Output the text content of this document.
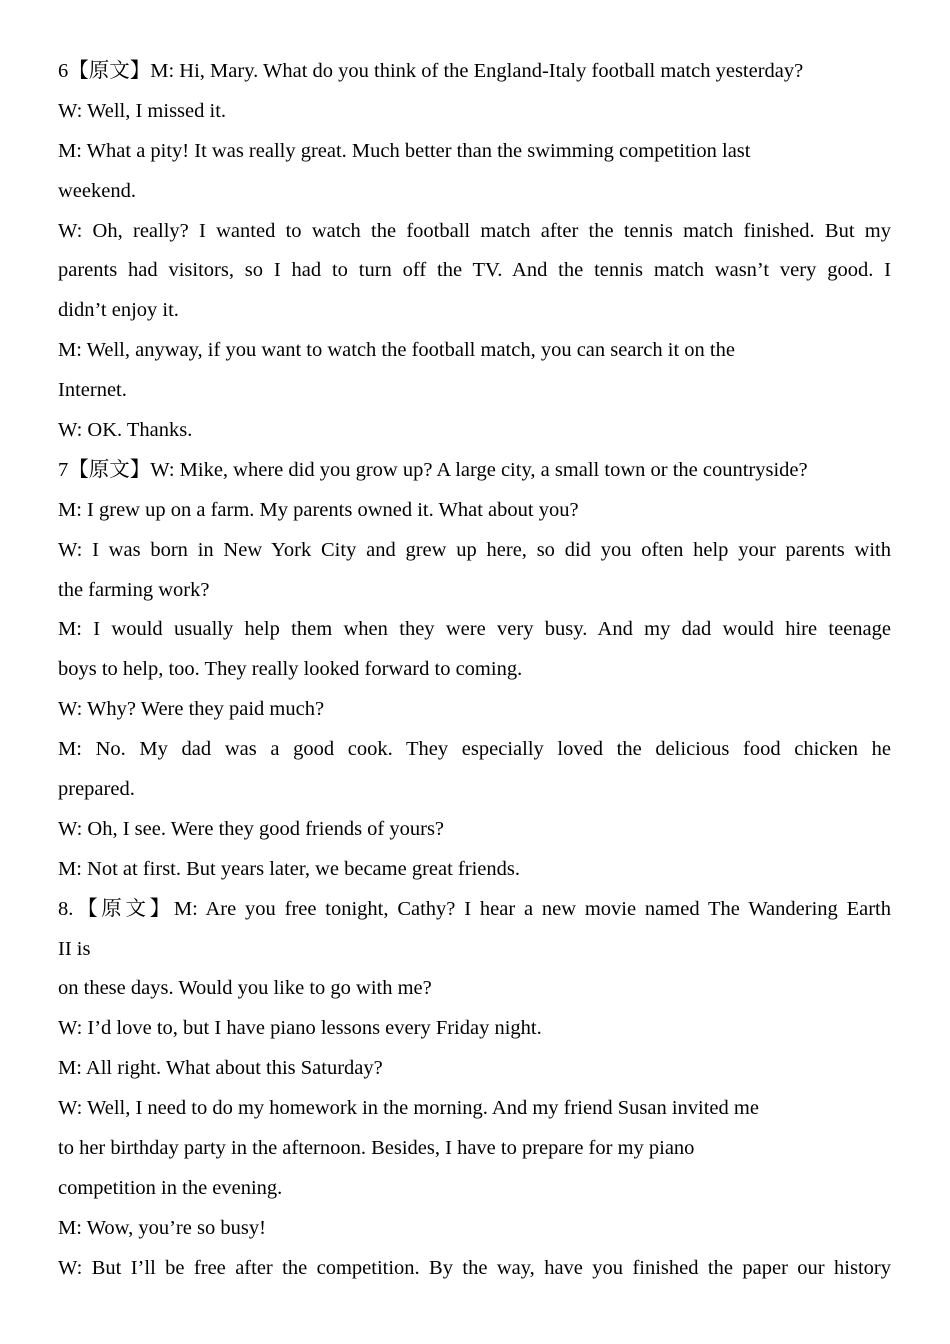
6【原文】M: Hi, Mary. What do you think of the England-Italy football match yesterday?
W: Well, I missed it.
M: What a pity! It was really great. Much better than the swimming competition last
weekend.
W: Oh, really? I wanted to watch the football match after the tennis match finished. But my
parents had visitors, so I had to turn off the TV. And the tennis match wasn’t very good. I
didn’t enjoy it.
M: Well, anyway, if you want to watch the football match, you can search it on the
Internet.
W: OK. Thanks.
7【原文】W: Mike, where did you grow up? A large city, a small town or the countryside?
M: I grew up on a farm. My parents owned it. What about you?
W: I was born in New York City and grew up here, so did you often help your parents with
the farming work?
M: I would usually help them when they were very busy. And my dad would hire teenage
boys to help, too. They really looked forward to coming.
W: Why? Were they paid much?
M: No. My dad was a good cook. They especially loved the delicious food chicken he
prepared.
W: Oh, I see. Were they good friends of yours?
M: Not at first. But years later, we became great friends.
8.【原文】M: Are you free tonight, Cathy? I hear a new movie named The Wandering Earth
II is
on these days. Would you like to go with me?
W: I’d love to, but I have piano lessons every Friday night.
M: All right. What about this Saturday?
W: Well, I need to do my homework in the morning. And my friend Susan invited me
to her birthday party in the afternoon. Besides, I have to prepare for my piano
competition in the evening.
M: Wow, you’re so busy!
W: But I’ll be free after the competition. By the way, have you finished the paper our history
